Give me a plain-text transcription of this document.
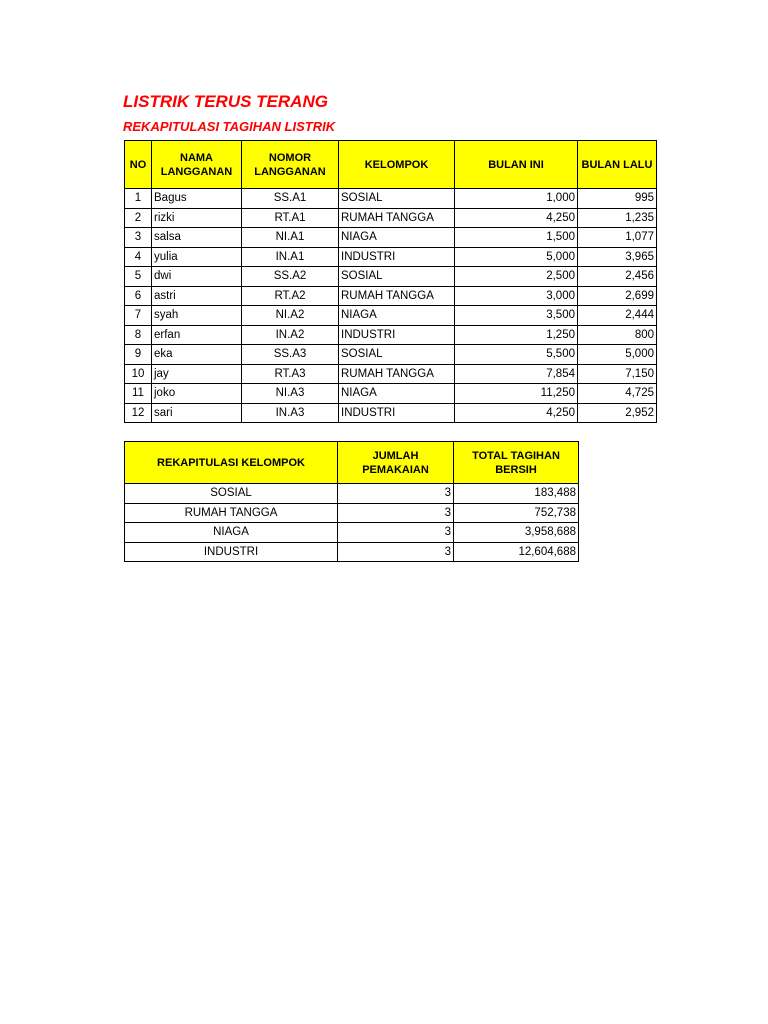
LISTRIK TERUS TERANG
REKAPITULASI TAGIHAN LISTRIK
NO	NAMA LANGGANAN	NOMOR LANGGANAN	KELOMPOK	BULAN INI	BULAN LALU
1	Bagus	SS.A1	SOSIAL	1,000	995
2	rizki	RT.A1	RUMAH TANGGA	4,250	1,235
3	salsa	NI.A1	NIAGA	1,500	1,077
4	yulia	IN.A1	INDUSTRI	5,000	3,965
5	dwi	SS.A2	SOSIAL	2,500	2,456
6	astri	RT.A2	RUMAH TANGGA	3,000	2,699
7	syah	NI.A2	NIAGA	3,500	2,444
8	erfan	IN.A2	INDUSTRI	1,250	800
9	eka	SS.A3	SOSIAL	5,500	5,000
10	jay	RT.A3	RUMAH TANGGA	7,854	7,150
11	joko	NI.A3	NIAGA	11,250	4,725
12	sari	IN.A3	INDUSTRI	4,250	2,952
REKAPITULASI KELOMPOK	JUMLAH PEMAKAIAN	TOTAL TAGIHAN BERSIH
SOSIAL	3	183,488
RUMAH TANGGA	3	752,738
NIAGA	3	3,958,688
INDUSTRI	3	12,604,688
